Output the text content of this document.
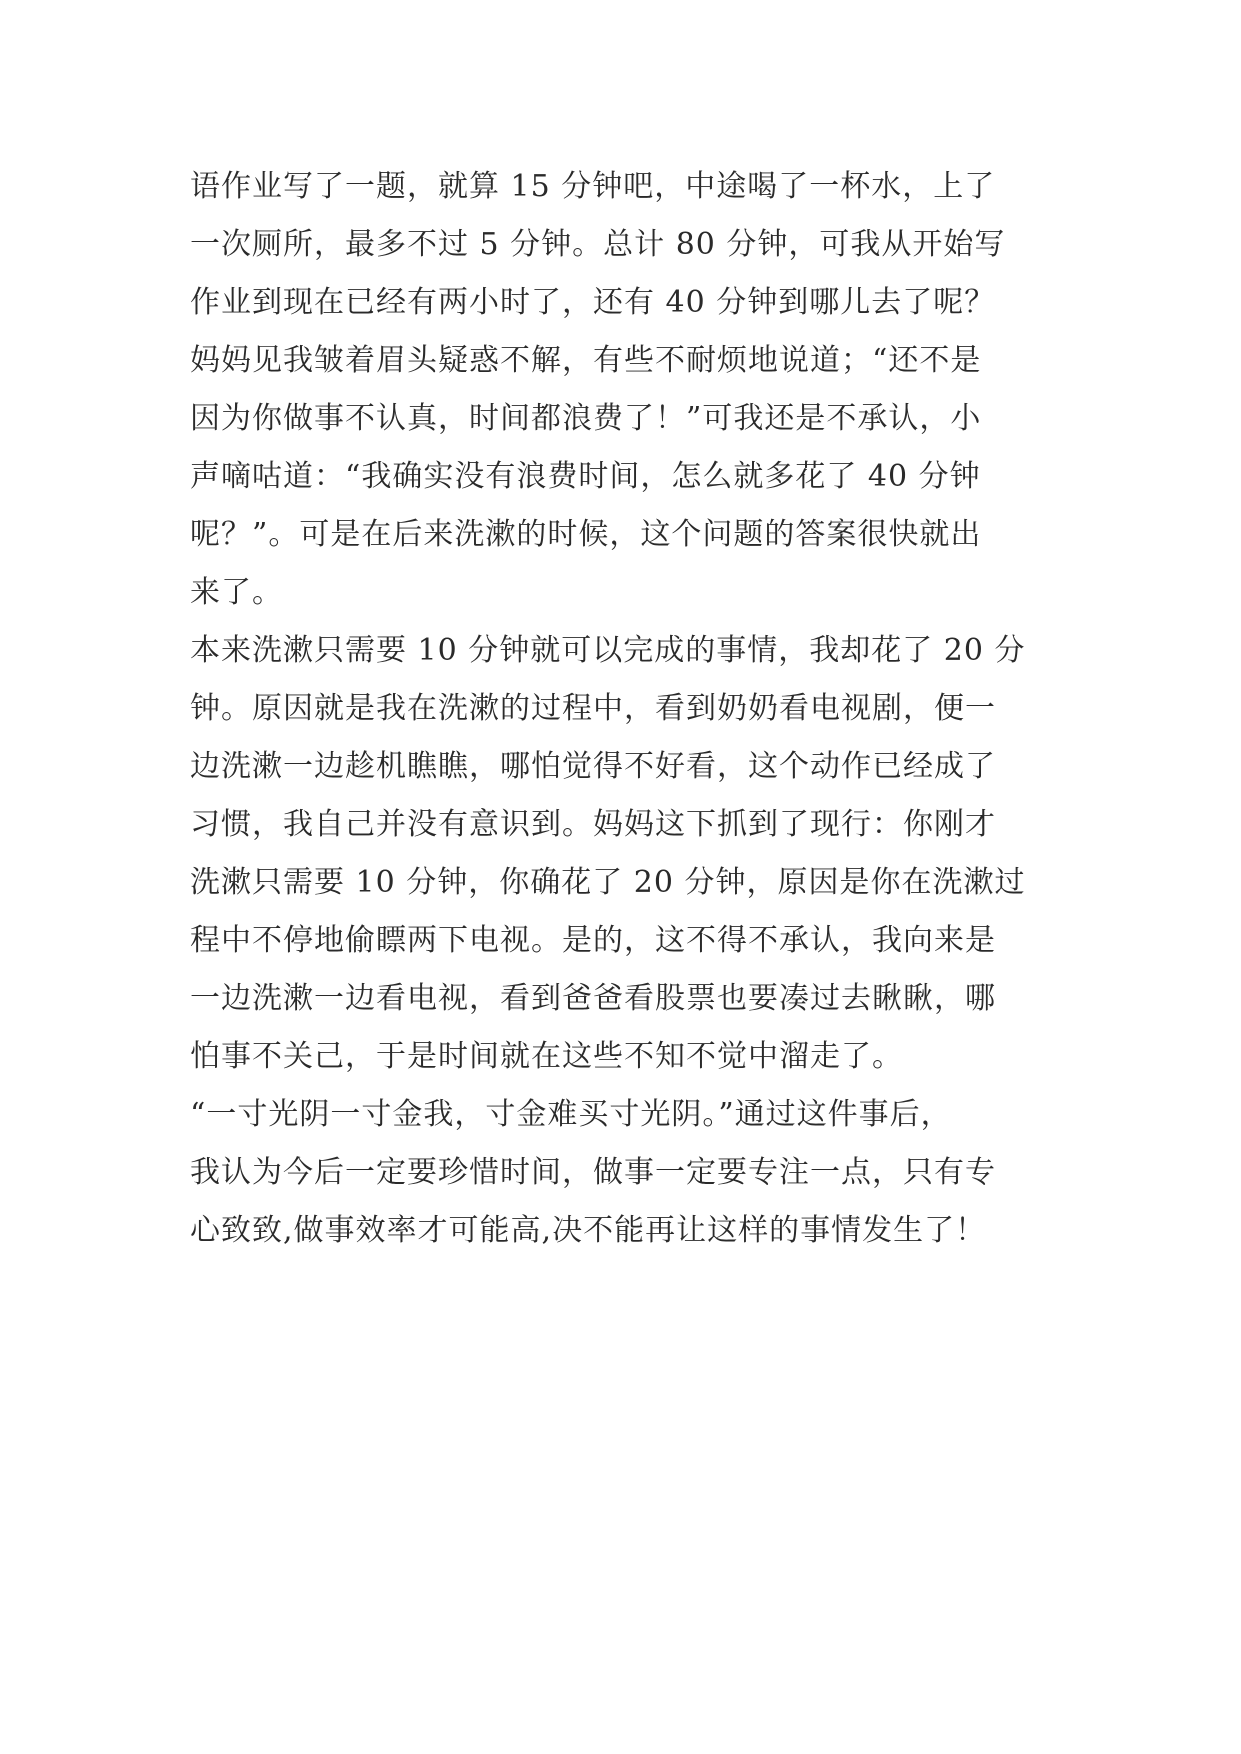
语作业写了一题，就算 15 分钟吧，中途喝了一杯水，上了
一次厕所，最多不过 5 分钟。总计 80 分钟，可我从开始写
作业到现在已经有两小时了，还有 40 分钟到哪儿去了呢？
妈妈见我皱着眉头疑惑不解，有些不耐烦地说道；“还不是
因为你做事不认真，时间都浪费了！”可我还是不承认，小
声嘀咕道：“我确实没有浪费时间，怎么就多花了 40 分钟
呢？”。可是在后来洗漱的时候，这个问题的答案很快就出
来了。
本来洗漱只需要 10 分钟就可以完成的事情，我却花了 20 分
钟。原因就是我在洗漱的过程中，看到奶奶看电视剧，便一
边洗漱一边趁机瞧瞧，哪怕觉得不好看，这个动作已经成了
习惯，我自己并没有意识到。妈妈这下抓到了现行：你刚才
洗漱只需要 10 分钟，你确花了 20 分钟，原因是你在洗漱过
程中不停地偷瞟两下电视。是的，这不得不承认，我向来是
一边洗漱一边看电视，看到爸爸看股票也要凑过去瞅瞅，哪
怕事不关己，于是时间就在这些不知不觉中溜走了。
“一寸光阴一寸金我，寸金难买寸光阴。”通过这件事后，
我认为今后一定要珍惜时间，做事一定要专注一点，只有专
心致致,做事效率才可能高,决不能再让这样的事情发生了！
